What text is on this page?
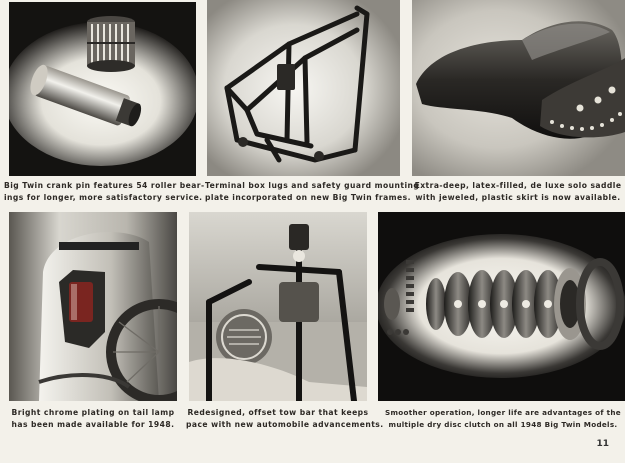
Big Twin crank pin features 54 roller bear-
ings for longer, more satisfactory service.
Terminal box lugs and safety guard mounting
plate incorporated on new Big Twin frames.
Extra-deep, latex-filled, de luxe solo saddle
with jeweled, plastic skirt is now available.
Bright chrome plating on tail lamp
has been made available for 1948.
Redesigned, offset tow bar that keeps
pace with new automobile advancements.
Smoother operation, longer life are advantages of the
multiple dry disc clutch on all 1948 Big Twin Models.
11
